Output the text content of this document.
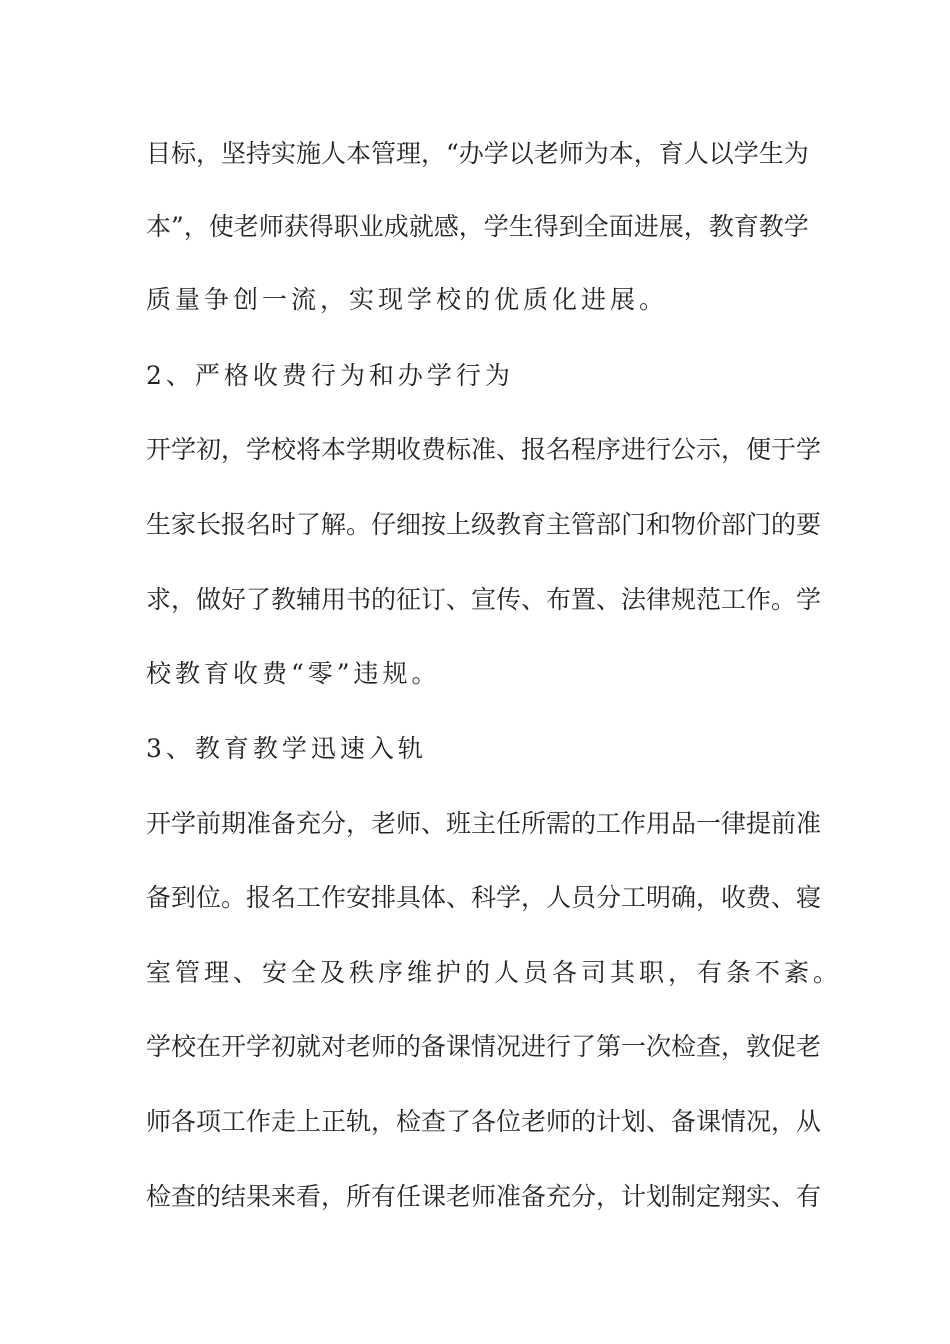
目标，坚持实施人本管理，“办学以老师为本，育人以学生为
本”，使老师获得职业成就感，学生得到全面进展，教育教学
质量争创一流，实现学校的优质化进展。
2、严格收费行为和办学行为
开学初，学校将本学期收费标准、报名程序进行公示，便于学
生家长报名时了解。仔细按上级教育主管部门和物价部门的要
求，做好了教辅用书的征订、宣传、布置、法律规范工作。学
校教育收费“零”违规。
3、教育教学迅速入轨
开学前期准备充分，老师、班主任所需的工作用品一律提前准
备到位。报名工作安排具体、科学，人员分工明确，收费、寝
室管理、安全及秩序维护的人员各司其职，有条不紊。
学校在开学初就对老师的备课情况进行了第一次检查，敦促老
师各项工作走上正轨，检查了各位老师的计划、备课情况，从
检查的结果来看，所有任课老师准备充分，计划制定翔实、有
